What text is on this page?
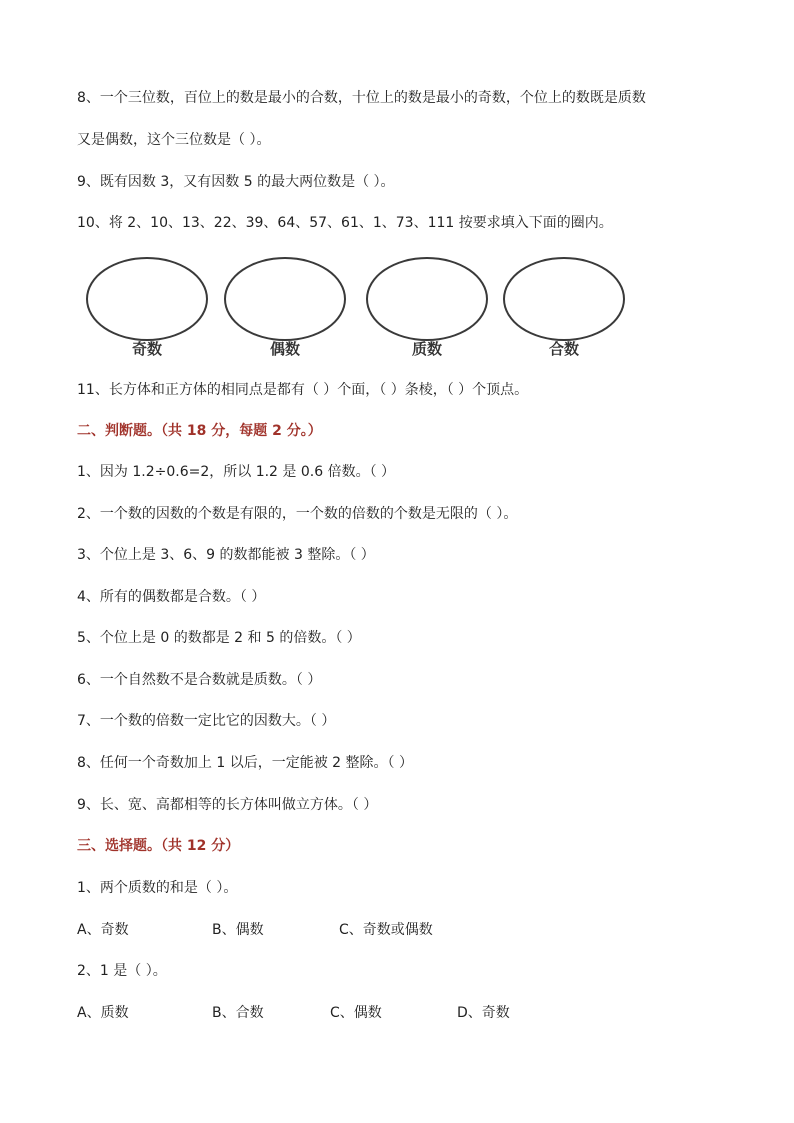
8、一个三位数，百位上的数是最小的合数，十位上的数是最小的奇数，个位上的数既是质数
又是偶数，这个三位数是（ ）。
9、既有因数 3，又有因数 5 的最大两位数是（ ）。
10、将 2、10、13、22、39、64、57、61、1、73、111 按要求填入下面的圈内。
奇数	偶数	质数	合数
11、长方体和正方体的相同点是都有（ ）个面，（ ）条棱，（ ）个顶点。
二、判断题。（共 18 分，每题 2 分。）
1、因为 1.2÷0.6=2，所以 1.2 是 0.6 倍数。（ ）
2、一个数的因数的个数是有限的，一个数的倍数的个数是无限的（ ）。
3、个位上是 3、6、9 的数都能被 3 整除。（ ）
4、所有的偶数都是合数。（ ）
5、个位上是 0 的数都是 2 和 5 的倍数。（ ）
6、一个自然数不是合数就是质数。（ ）
7、一个数的倍数一定比它的因数大。（ ）
8、任何一个奇数加上 1 以后，一定能被 2 整除。（ ）
9、长、宽、高都相等的长方体叫做立方体。（ ）
三、选择题。（共 12 分）
1、两个质数的和是（ ）。
A、奇数	B、偶数	C、奇数或偶数
2、1 是（ ）。
A、质数	B、合数	C、偶数	D、奇数
